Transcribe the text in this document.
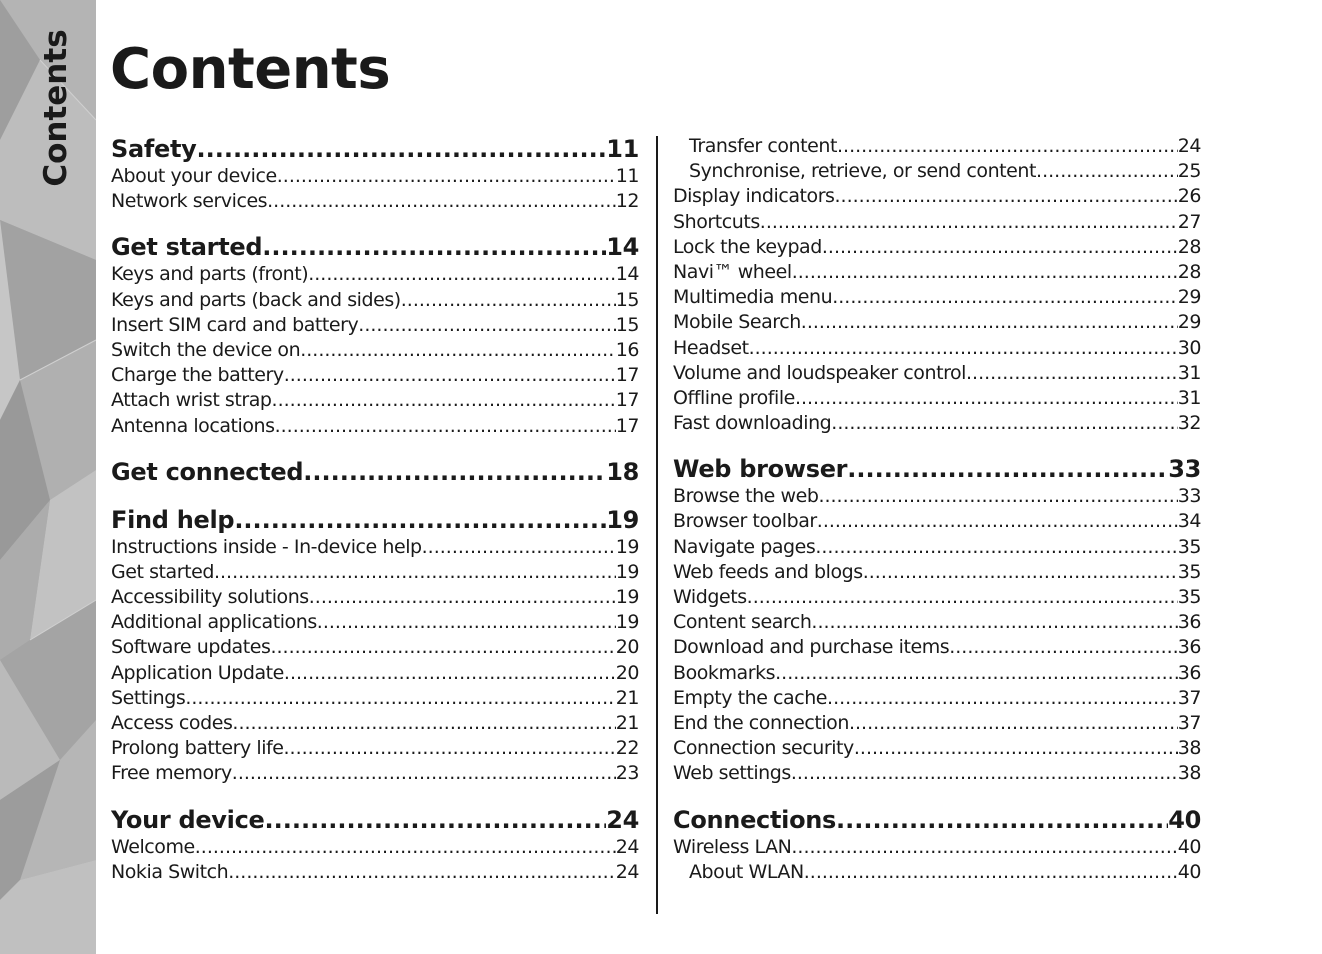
Contents Contents
Safety .....	11
About your device .....	11
Network services .....	12
Get started .....	14
Keys and parts (front) .....	14
Keys and parts (back and sides) .....	15
Insert SIM card and battery .....	15
Switch the device on .....	16
Charge the battery .....	17
Attach wrist strap .....	17
Antenna locations .....	17
Get connected .....	18
Find help .....	19
Instructions inside - In-device help .....	19
Get started .....	19
Accessibility solutions .....	19
Additional applications .....	19
Software updates .....	20
Application Update .....	20
Settings .....	21
Access codes .....	21
Prolong battery life .....	22
Free memory .....	23
Your device .....	24
Welcome .....	24
Nokia Switch .....	24
Transfer content .....	24
Synchronise, retrieve, or send content .....	25
Display indicators .....	26
Shortcuts .....	27
Lock the keypad .....	28
Navi™ wheel .....	28
Multimedia menu .....	29
Mobile Search .....	29
Headset .....	30
Volume and loudspeaker control .....	31
Offline profile .....	31
Fast downloading .....	32
Web browser .....	33
Browse the web .....	33
Browser toolbar .....	34
Navigate pages .....	35
Web feeds and blogs .....	35
Widgets .....	35
Content search .....	36
Download and purchase items .....	36
Bookmarks .....	36
Empty the cache .....	37
End the connection .....	37
Connection security .....	38
Web settings .....	38
Connections .....	40
Wireless LAN .....	40
About WLAN .....	40
